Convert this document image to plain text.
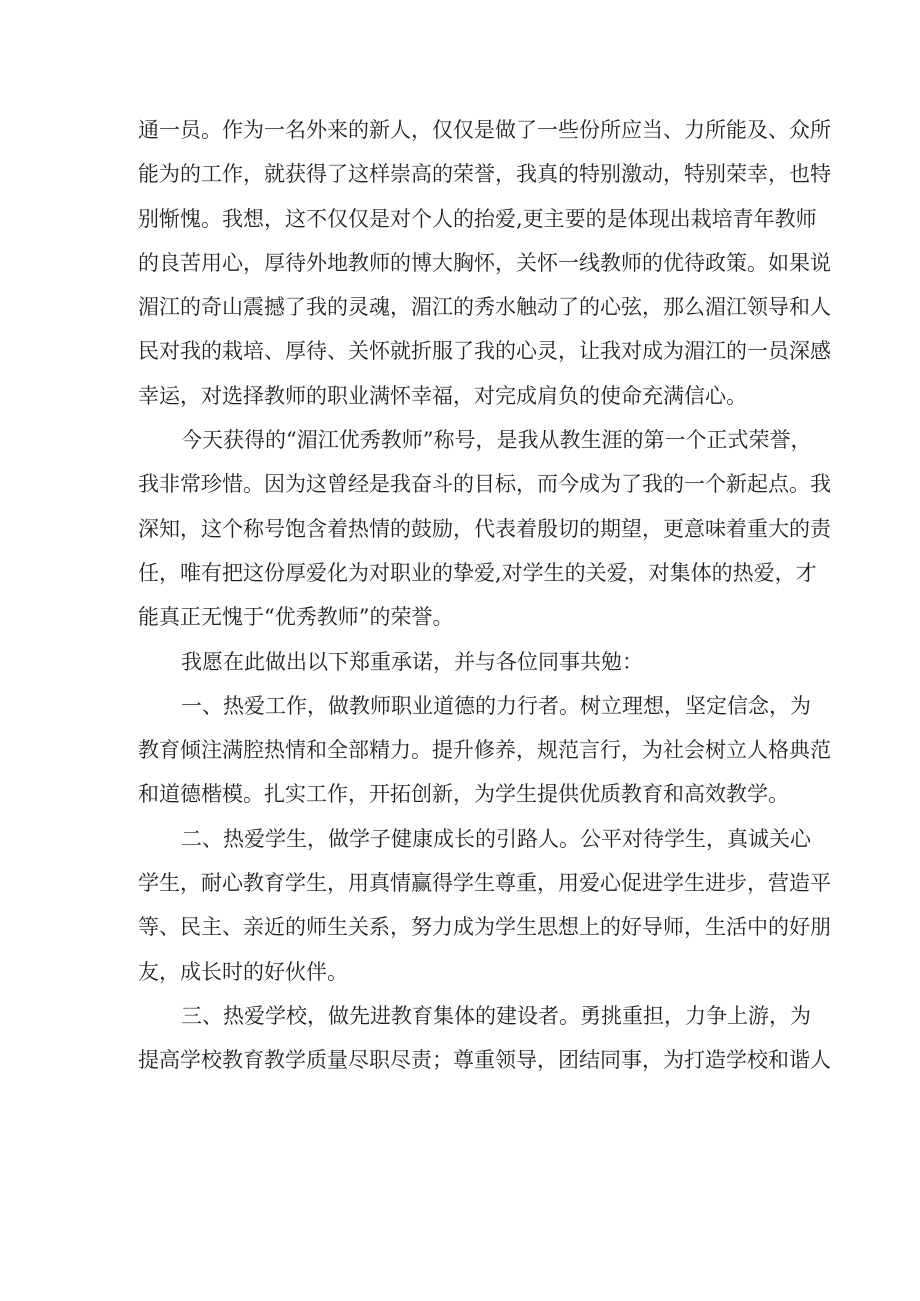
通一员。作为一名外来的新人，仅仅是做了一些份所应当、力所能及、众所
能为的工作，就获得了这样崇高的荣誉，我真的特别激动，特别荣幸，也特
别惭愧。我想，这不仅仅是对个人的抬爱,更主要的是体现出栽培青年教师
的良苦用心，厚待外地教师的博大胸怀，关怀一线教师的优待政策。如果说
湄江的奇山震撼了我的灵魂，湄江的秀水触动了的心弦，那么湄江领导和人
民对我的栽培、厚待、关怀就折服了我的心灵，让我对成为湄江的一员深感
幸运，对选择教师的职业满怀幸福，对完成肩负的使命充满信心。
今天获得的“湄江优秀教师”称号，是我从教生涯的第一个正式荣誉，
我非常珍惜。因为这曾经是我奋斗的目标，而今成为了我的一个新起点。我
深知，这个称号饱含着热情的鼓励，代表着殷切的期望，更意味着重大的责
任，唯有把这份厚爱化为对职业的挚爱,对学生的关爱，对集体的热爱，才
能真正无愧于“优秀教师”的荣誉。
我愿在此做出以下郑重承诺，并与各位同事共勉：
一、热爱工作，做教师职业道德的力行者。树立理想，坚定信念，为
教育倾注满腔热情和全部精力。提升修养，规范言行，为社会树立人格典范
和道德楷模。扎实工作，开拓创新，为学生提供优质教育和高效教学。
二、热爱学生，做学子健康成长的引路人。公平对待学生，真诚关心
学生，耐心教育学生，用真情赢得学生尊重，用爱心促进学生进步，营造平
等、民主、亲近的师生关系，努力成为学生思想上的好导师，生活中的好朋
友，成长时的好伙伴。
三、热爱学校，做先进教育集体的建设者。勇挑重担，力争上游，为
提高学校教育教学质量尽职尽责；尊重领导，团结同事，为打造学校和谐人
